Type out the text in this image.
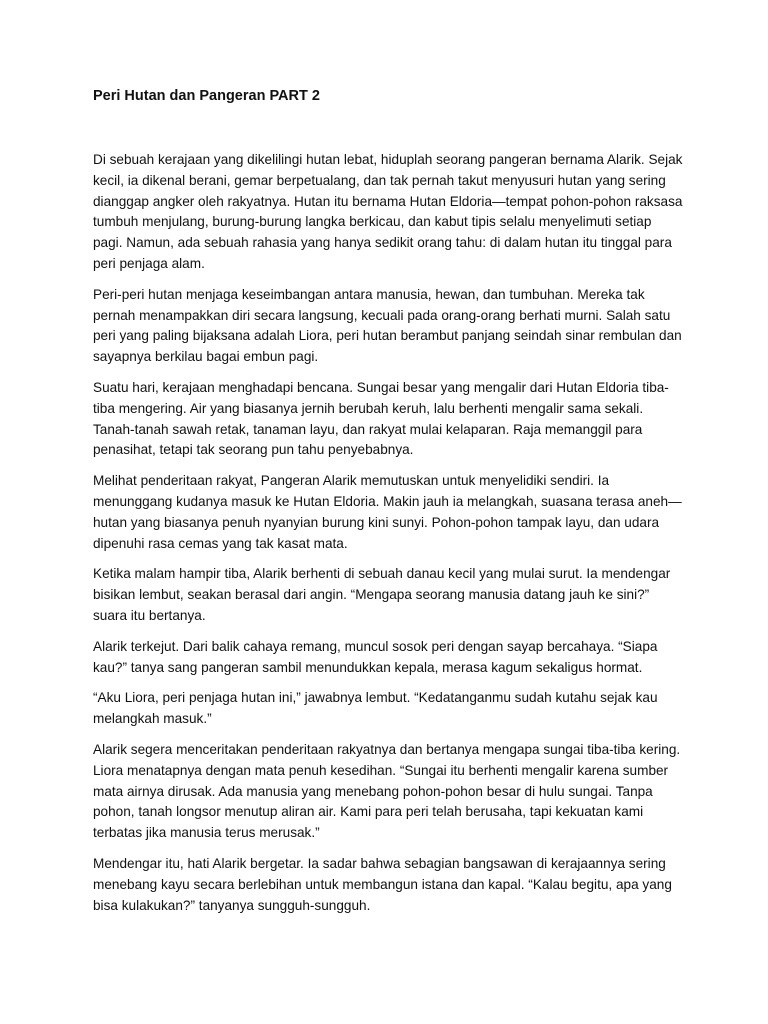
Peri Hutan dan Pangeran PART 2

Di sebuah kerajaan yang dikelilingi hutan lebat, hiduplah seorang pangeran bernama Alarik. Sejak kecil, ia dikenal berani, gemar berpetualang, dan tak pernah takut menyusuri hutan yang sering dianggap angker oleh rakyatnya. Hutan itu bernama Hutan Eldoria—tempat pohon-pohon raksasa tumbuh menjulang, burung-burung langka berkicau, dan kabut tipis selalu menyelimuti setiap pagi. Namun, ada sebuah rahasia yang hanya sedikit orang tahu: di dalam hutan itu tinggal para peri penjaga alam.

Peri-peri hutan menjaga keseimbangan antara manusia, hewan, dan tumbuhan. Mereka tak pernah menampakkan diri secara langsung, kecuali pada orang-orang berhati murni. Salah satu peri yang paling bijaksana adalah Liora, peri hutan berambut panjang seindah sinar rembulan dan sayapnya berkilau bagai embun pagi.

Suatu hari, kerajaan menghadapi bencana. Sungai besar yang mengalir dari Hutan Eldoria tiba-tiba mengering. Air yang biasanya jernih berubah keruh, lalu berhenti mengalir sama sekali. Tanah-tanah sawah retak, tanaman layu, dan rakyat mulai kelaparan. Raja memanggil para penasihat, tetapi tak seorang pun tahu penyebabnya.

Melihat penderitaan rakyat, Pangeran Alarik memutuskan untuk menyelidiki sendiri. Ia menunggang kudanya masuk ke Hutan Eldoria. Makin jauh ia melangkah, suasana terasa aneh—hutan yang biasanya penuh nyanyian burung kini sunyi. Pohon-pohon tampak layu, dan udara dipenuhi rasa cemas yang tak kasat mata.

Ketika malam hampir tiba, Alarik berhenti di sebuah danau kecil yang mulai surut. Ia mendengar bisikan lembut, seakan berasal dari angin. “Mengapa seorang manusia datang jauh ke sini?” suara itu bertanya.

Alarik terkejut. Dari balik cahaya remang, muncul sosok peri dengan sayap bercahaya. “Siapa kau?” tanya sang pangeran sambil menundukkan kepala, merasa kagum sekaligus hormat.

“Aku Liora, peri penjaga hutan ini,” jawabnya lembut. “Kedatanganmu sudah kutahu sejak kau melangkah masuk.”

Alarik segera menceritakan penderitaan rakyatnya dan bertanya mengapa sungai tiba-tiba kering. Liora menatapnya dengan mata penuh kesedihan. “Sungai itu berhenti mengalir karena sumber mata airnya dirusak. Ada manusia yang menebang pohon-pohon besar di hulu sungai. Tanpa pohon, tanah longsor menutup aliran air. Kami para peri telah berusaha, tapi kekuatan kami terbatas jika manusia terus merusak.”

Mendengar itu, hati Alarik bergetar. Ia sadar bahwa sebagian bangsawan di kerajaannya sering menebang kayu secara berlebihan untuk membangun istana dan kapal. “Kalau begitu, apa yang bisa kulakukan?” tanyanya sungguh-sungguh.
